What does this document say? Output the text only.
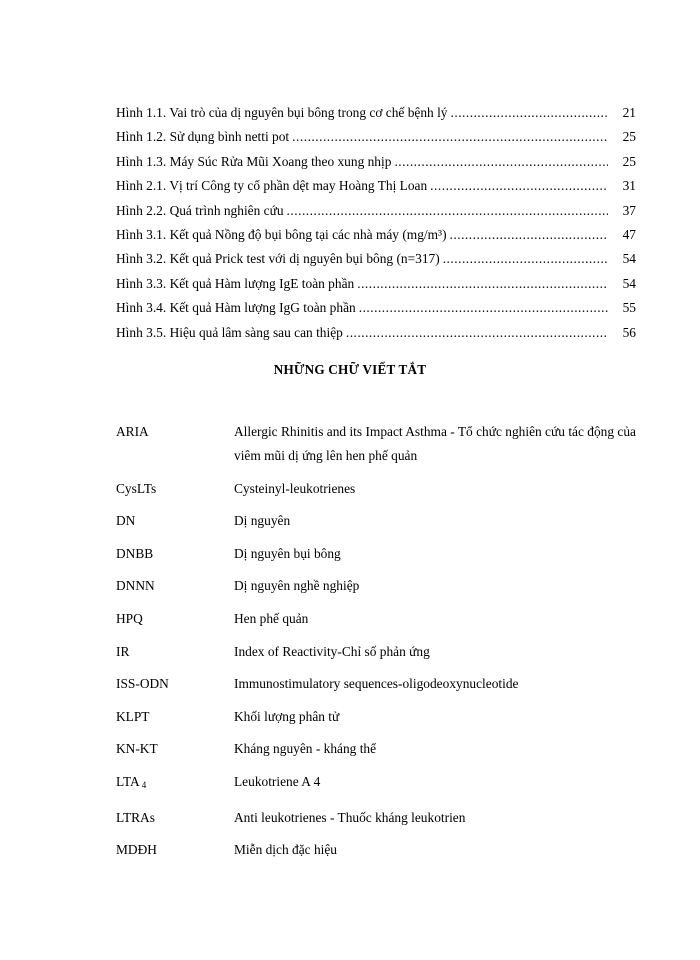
Hình 1.1. Vai trò của dị nguyên bụi bông trong cơ chế bệnh lý .....	21
Hình 1.2. Sử dụng bình netti pot .....	25
Hình 1.3. Máy Súc Rửa Mũi Xoang theo xung nhịp .....	25
Hình 2.1. Vị trí Công ty cổ phần dệt may Hoàng Thị Loan .....	31
Hình 2.2. Quá trình nghiên cứu .....	37
Hình 3.1. Kết quả Nồng độ bụi bông tại các nhà máy (mg/m³) .....	47
Hình 3.2. Kết quả Prick test với dị nguyên bụi bông (n=317) .....	54
Hình 3.3. Kết quả Hàm lượng IgE toàn phần .....	54
Hình 3.4. Kết quả Hàm lượng IgG toàn phần .....	55
Hình 3.5. Hiệu quả lâm sàng sau can thiệp .....	56
NHỮNG CHỮ VIẾT TẮT
ARIA	Allergic Rhinitis and its Impact Asthma - Tổ chức nghiên cứu tác động của viêm mũi dị ứng lên hen phế quản
CysLTs	Cysteinyl-leukotrienes
DN	Dị nguyên
DNBB	Dị nguyên bụi bông
DNNN	Dị nguyên nghề nghiệp
HPQ	Hen phế quản
IR	Index of Reactivity-Chỉ số phản ứng
ISS-ODN	Immunostimulatory sequences-oligodeoxynucleotide
KLPT	Khối lượng phân tử
KN-KT	Kháng nguyên - kháng thể
LTA 4	Leukotriene A 4
LTRAs	Anti leukotrienes - Thuốc kháng leukotrien
MDĐH	Miễn dịch đặc hiệu
